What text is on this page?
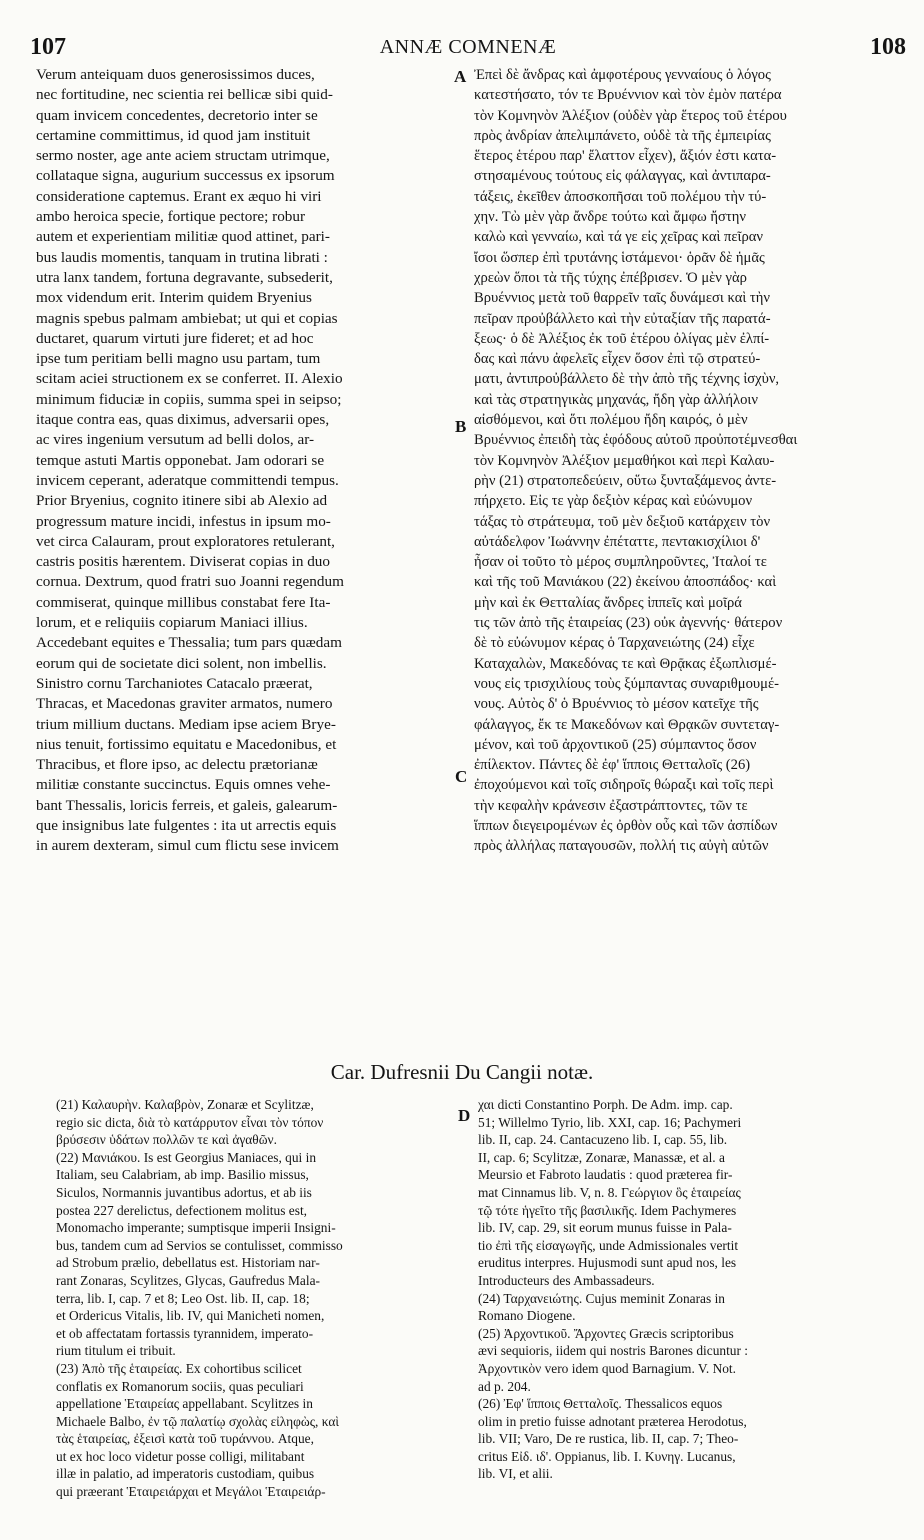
107	ANNÆ COMNENÆ	108
Verum anteiquam duos generosissimos duces,
nec fortitudine, nec scientia rei bellicæ sibi quid-
quam invicem concedentes, decretorio inter se
certamine committimus, id quod jam instituit
sermo noster, age ante aciem structam utrimque,
collataque signa, augurium successus ex ipsorum
consideratione captemus. Erant ex æquo hi viri
ambo heroica specie, fortique pectore; robur
autem et experientiam militiæ quod attinet, pari-
bus laudis momentis, tanquam in trutina librati :
utra lanx tandem, fortuna degravante, subsederit,
mox videndum erit. Interim quidem Bryenius
magnis spebus palmam ambiebat; ut qui et copias
ductaret, quarum virtuti jure fideret; et ad hoc
ipse tum peritiam belli magno usu partam, tum
scitam aciei structionem ex se conferret. II. Alexio
minimum fiduciæ in copiis, summa spei in seipso;
itaque contra eas, quas diximus, adversarii opes,
ac vires ingenium versutum ad belli dolos, ar-
temque astuti Martis opponebat. Jam odorari se
invicem ceperant, aderatque committendi tempus.
Prior Bryenius, cognito itinere sibi ab Alexio ad
progressum mature incidi, infestus in ipsum mo-
vet circa Calauram, prout exploratores retulerant,
castris positis hærentem. Diviserat copias in duo
cornua. Dextrum, quod fratri suo Joanni regendum
commiserat, quinque millibus constabat fere Ita-
lorum, et e reliquiis copiarum Maniaci illius.
Accedebant equites e Thessalia; tum pars quædam
eorum qui de societate dici solent, non imbellis.
Sinistro cornu Tarchaniotes Catacalo præerat,
Thracas, et Macedonas graviter armatos, numero
trium millium ductans. Mediam ipse aciem Brye-
nius tenuit, fortissimo equitatu e Macedonibus, et
Thracibus, et flore ipso, ac delectu prætorianæ
militiæ constante succinctus. Equis omnes vehe-
bant Thessalis, loricis ferreis, et galeis, galearum-
que insignibus late fulgentes : ita ut arrectis equis
in aurem dexteram, simul cum flictu sese invicem
Ἐπεὶ δὲ ἄνδρας καὶ ἀμφοτέρους γενναίους ὁ λόγος
κατεστήσατο, τόν τε Βρυέννιον καὶ τὸν ἐμὸν πατέρα
τὸν Κομνηνὸν Ἀλέξιον (οὐδὲν γὰρ ἕτερος τοῦ ἑτέρου
πρὸς ἀνδρίαν ἀπελιμπάνετο, οὐδὲ τὰ τῆς ἐμπειρίας
ἕτερος ἑτέρου παρ' ἔλαττον εἶχεν), ἄξιόν ἐστι κατα-
στησαμένους τούτους εἰς φάλαγγας, καὶ ἀντιπαρα-
τάξεις, ἐκεῖθεν ἀποσκοπῆσαι τοῦ πολέμου τὴν τύ-
χην. Τὼ μὲν γὰρ ἄνδρε τούτω καὶ ἄμφω ἤστην
καλὼ καὶ γενναίω, καὶ τά γε εἰς χεῖρας καὶ πεῖραν
ἴσοι ὥσπερ ἐπὶ τρυτάνης ἱστάμενοι· ὁρᾶν δὲ ἡμᾶς
χρεὼν ὅποι τὰ τῆς τύχης ἐπέβρισεν. Ὁ μὲν γὰρ
Βρυέννιος μετὰ τοῦ θαρρεῖν ταῖς δυνάμεσι καὶ τὴν
πεῖραν προὐβάλλετο καὶ τὴν εὐταξίαν τῆς παρατά-
ξεως· ὁ δὲ Ἀλέξιος ἐκ τοῦ ἑτέρου ὀλίγας μὲν ἐλπί-
δας καὶ πάνυ ἀφελεῖς εἶχεν ὅσον ἐπὶ τῷ στρατεύ-
ματι, ἀντιπροὐβάλλετο δὲ τὴν ἀπὸ τῆς τέχνης ἰσχὺν,
καὶ τὰς στρατηγικὰς μηχανάς, ἤδη γὰρ ἀλλήλοιν
αἰσθόμενοι, καὶ ὅτι πολέμου ἤδη καιρός, ὁ μὲν
Βρυέννιος ἐπειδὴ τὰς ἐφόδους αὐτοῦ προὐποτέμνεσθαι
τὸν Κομνηνὸν Ἀλέξιον μεμαθήκοι καὶ περὶ Καλαυ-
ρὴν (21) στρατοπεδεύειν, οὕτω ξυνταξάμενος ἀντε-
πήρχετο. Εἰς τε γὰρ δεξιὸν κέρας καὶ εὐώνυμον
τάξας τὸ στράτευμα, τοῦ μὲν δεξιοῦ κατάρχειν τὸν
αὐτάδελφον Ἰωάννην ἐπέταττε, πεντακισχίλιοι δ'
ἦσαν οἱ τοῦτο τὸ μέρος συμπληροῦντες, Ἰταλοί τε
καὶ τῆς τοῦ Μανιάκου (22) ἐκείνου ἀποσπάδος· καὶ
μὴν καὶ ἐκ Θετταλίας ἄνδρες ἱππεῖς καὶ μοῖρά
τις τῶν ἀπὸ τῆς ἑταιρείας (23) οὐκ ἀγεννής· θάτερον
δὲ τὸ εὐώνυμον κέρας ὁ Ταρχανειώτης (24) εἶχε
Καταχαλὼν, Μακεδόνας τε καὶ Θρᾷκας ἐξωπλισμέ-
νους εἰς τρισχιλίους τοὺς ξύμπαντας συναριθμουμέ-
νους. Αὐτὸς δ' ὁ Βρυέννιος τὸ μέσον κατεῖχε τῆς
φάλαγγος, ἔκ τε Μακεδόνων καὶ Θρᾳκῶν συντεταγ-
μένον, καὶ τοῦ ἀρχοντικοῦ (25) σύμπαντος ὅσον
ἐπίλεκτον. Πάντες δὲ ἐφ' ἵπποις Θετταλοῖς (26)
ἐποχούμενοι καὶ τοῖς σιδηροῖς θώραξι καὶ τοῖς περὶ
τὴν κεφαλὴν κράνεσιν ἐξαστράπτοντες, τῶν τε
ἵππων διεγειρομένων ἐς ὀρθὸν οὖς καὶ τῶν ἀσπίδων
πρὸς ἀλλήλας παταγουσῶν, πολλή τις αὐγὴ αὐτῶν
A
B
C
D
Car. Dufresnii Du Cangii notæ.
(21) Καλαυρὴν. Καλαβρὸν, Zonaræ et Scylitzæ,
regio sic dicta, διὰ τὸ κατάρρυτον εἶναι τὸν τόπον
βρύσεσιν ὑδάτων πολλῶν τε καὶ ἀγαθῶν.
(22) Μανιάκου. Is est Georgius Maniaces, qui in
Italiam, seu Calabriam, ab imp. Basilio missus,
Siculos, Normannis juvantibus adortus, et ab iis
postea 227 derelictus, defectionem molitus est,
Monomacho imperante; sumptisque imperii Insigni-
bus, tandem cum ad Servios se contulisset, commisso
ad Strobum prælio, debellatus est. Historiam nar-
rant Zonaras, Scylitzes, Glycas, Gaufredus Mala-
terra, lib. I, cap. 7 et 8; Leo Ost. lib. II, cap. 18;
et Ordericus Vitalis, lib. IV, qui Manicheti nomen,
et ob affectatam fortassis tyrannidem, imperato-
rium titulum ei tribuit.
(23) Ἀπὸ τῆς ἑταιρείας. Ex cohortibus scilicet
conflatis ex Romanorum sociis, quas peculiari
appellatione Ἑταιρείας appellabant. Scylitzes in
Michaele Balbo, ἐν τῷ παλατίῳ σχολὰς εἰληφὼς, καὶ
τὰς ἑταιρείας, ἐξεισὶ κατὰ τοῦ τυράννου. Atque,
ut ex hoc loco videtur posse colligi, militabant
illæ in palatio, ad imperatoris custodiam, quibus
qui præerant Ἑταιρειάρχαι et Μεγάλοι Ἑταιρειάρ-
χαι dicti Constantino Porph. De Adm. imp. cap.
51; Willelmo Tyrio, lib. XXI, cap. 16; Pachymeri
lib. II, cap. 24. Cantacuzeno lib. I, cap. 55, lib.
II, cap. 6; Scylitzæ, Zonaræ, Manassæ, et al. a
Meursio et Fabroto laudatis : quod præterea fir-
mat Cinnamus lib. V, n. 8. Γεώργιον ὃς ἑταιρείας
τῷ τότε ἡγεῖτο τῆς βασιλικῆς. Idem Pachymeres
lib. IV, cap. 29, sit eorum munus fuisse in Pala-
tio ἐπὶ τῆς εἰσαγωγῆς, unde Admissionales vertit
eruditus interpres. Hujusmodi sunt apud nos, les
Introducteurs des Ambassadeurs.
(24) Ταρχανειώτης. Cujus meminit Zonaras in
Romano Diogene.
(25) Ἀρχοντικοῦ. Ἄρχοντες Græcis scriptoribus
ævi sequioris, iidem qui nostris Barones dicuntur :
Ἀρχοντικὸν vero idem quod Barnagium. V. Not.
ad p. 204.
(26) Ἐφ' ἵπποις Θετταλοῖς. Thessalicos equos
olim in pretio fuisse adnotant præterea Herodotus,
lib. VII; Varo, De re rustica, lib. II, cap. 7; Theo-
critus Εἰδ. ιδ'. Oppianus, lib. I. Κυνηγ. Lucanus,
lib. VI, et alii.
